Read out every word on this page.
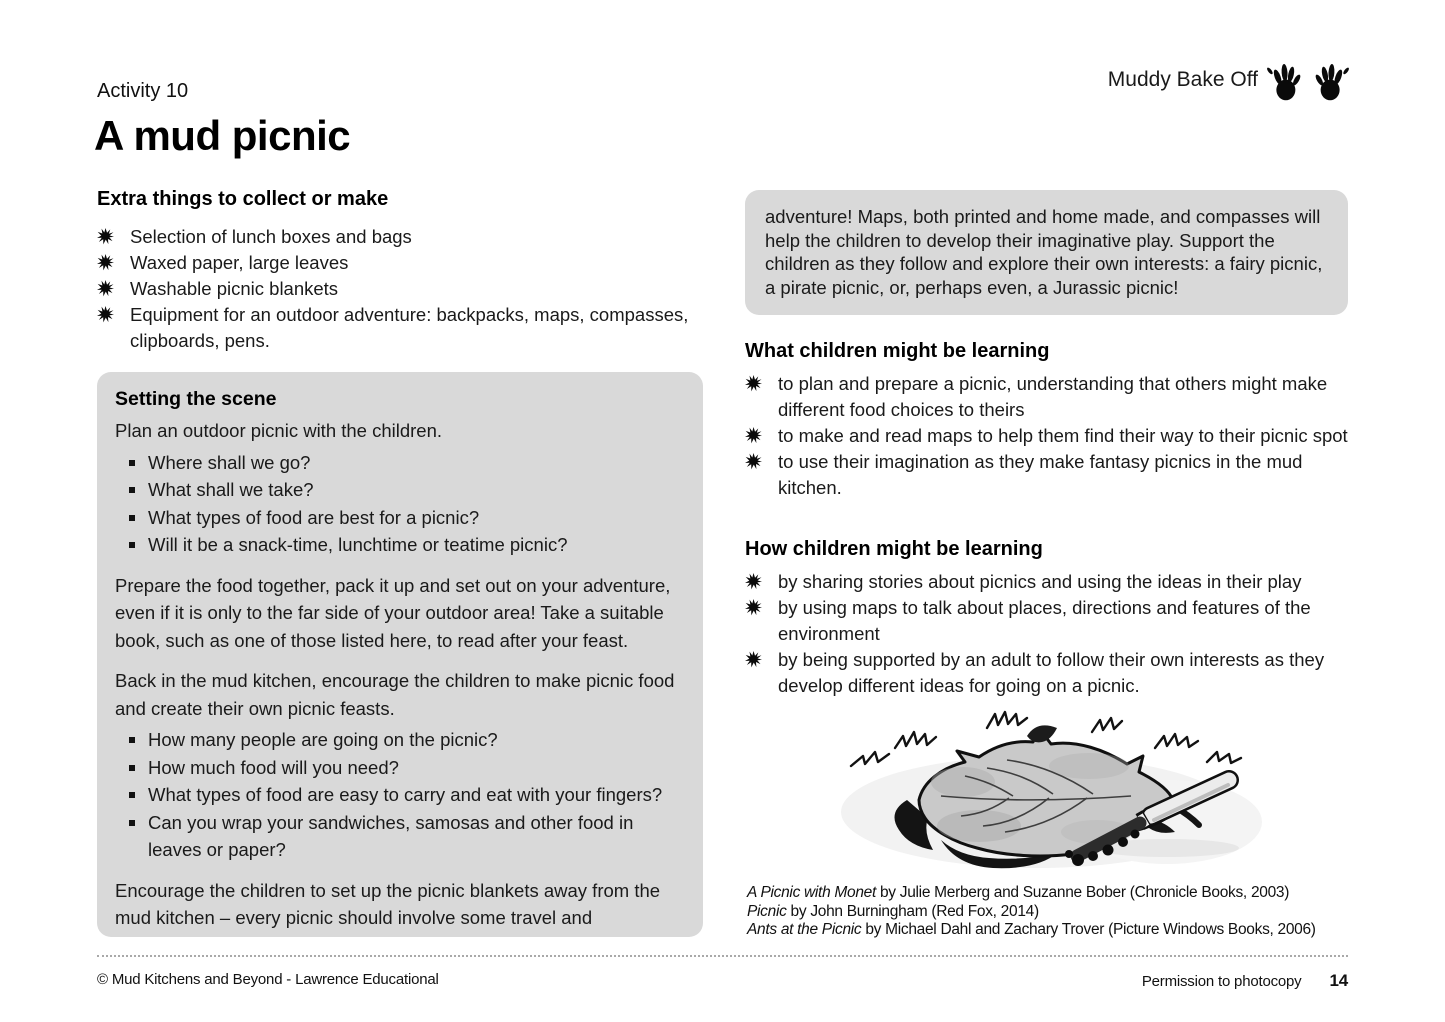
Activity 10
A mud picnic
Muddy Bake Off
Extra things to collect or make
Selection of lunch boxes and bags
Waxed paper, large leaves
Washable picnic blankets
Equipment for an outdoor adventure: backpacks, maps, compasses, clipboards, pens.
Setting the scene

Plan an outdoor picnic with the children.

Where shall we go?
What shall we take?
What types of food are best for a picnic?
Will it be a snack-time, lunchtime or teatime picnic?

Prepare the food together, pack it up and set out on your adventure, even if it is only to the far side of your outdoor area! Take a suitable book, such as one of those listed here, to read after your feast.

Back in the mud kitchen, encourage the children to make picnic food and create their own picnic feasts.

How many people are going on the picnic?
How much food will you need?
What types of food are easy to carry and eat with your fingers?
Can you wrap your sandwiches, samosas and other food in leaves or paper?

Encourage the children to set up the picnic blankets away from the mud kitchen – every picnic should involve some travel and

adventure! Maps, both printed and home made, and compasses will help the children to develop their imaginative play. Support the children as they follow and explore their own interests: a fairy picnic, a pirate picnic, or, perhaps even, a Jurassic picnic!

What children might be learning
to plan and prepare a picnic, understanding that others might make different food choices to theirs
to make and read maps to help them find their way to their picnic spot
to use their imagination as they make fantasy picnics in the mud kitchen.
How children might be learning
by sharing stories about picnics and using the ideas in their play
by using maps to talk about places, directions and features of the environment
by being supported by an adult to follow their own interests as they develop different ideas for going on a picnic.
A Picnic with Monet by Julie Merberg and Suzanne Bober (Chronicle Books, 2003)
Picnic by John Burningham (Red Fox, 2014)
Ants at the Picnic by Michael Dahl and Zachary Trover (Picture Windows Books, 2006)
© Mud Kitchens and Beyond - Lawrence Educational	Permission to photocopy 14
